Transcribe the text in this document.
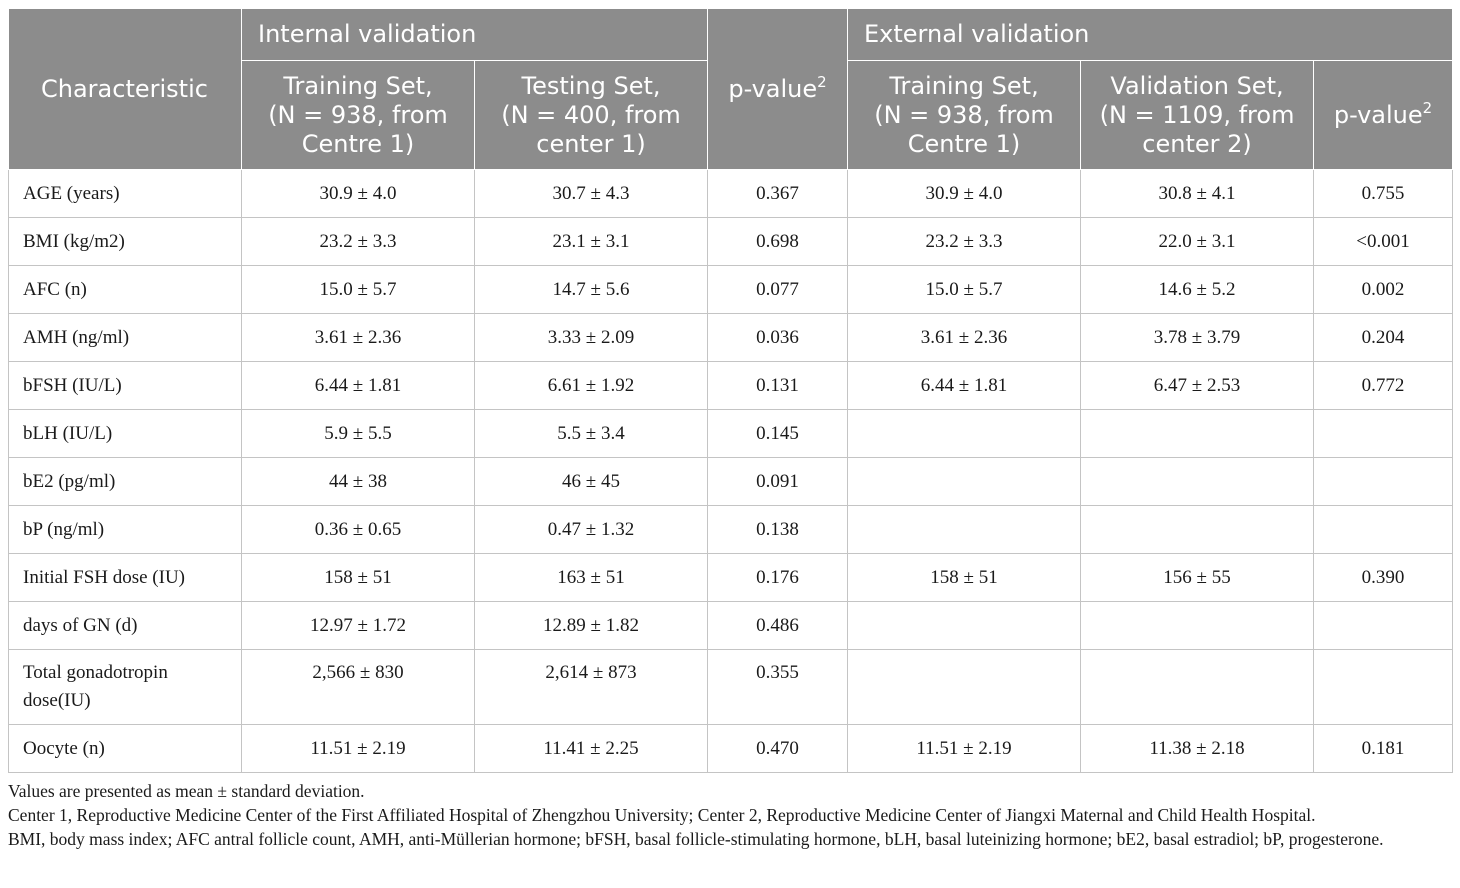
Characteristic	Internal validation		p-value$^2$	External validation		

	Training Set,
(N = 938, from
Centre 1)	Testing Set,
(N = 400, from
center 1)		Training Set,
(N = 938, from
Centre 1)	Validation Set,
(N = 1109, from
center 2)	p-value$^2$
AGE (years)	30.9 ± 4.0	30.7 ± 4.3	0.367	30.9 ± 4.0	30.8 ± 4.1	0.755
BMI (kg/m2)	23.2 ± 3.3	23.1 ± 3.1	0.698	23.2 ± 3.3	22.0 ± 3.1	<0.001
AFC (n)	15.0 ± 5.7	14.7 ± 5.6	0.077	15.0 ± 5.7	14.6 ± 5.2	0.002
AMH (ng/ml)	3.61 ± 2.36	3.33 ± 2.09	0.036	3.61 ± 2.36	3.78 ± 3.79	0.204
bFSH (IU/L)	6.44 ± 1.81	6.61 ± 1.92	0.131	6.44 ± 1.81	6.47 ± 2.53	0.772
bLH (IU/L)	5.9 ± 5.5	5.5 ± 3.4	0.145			
bE2 (pg/ml)	44 ± 38	46 ± 45	0.091			
bP (ng/ml)	0.36 ± 0.65	0.47 ± 1.32	0.138			
Initial FSH dose (IU)	158 ± 51	163 ± 51	0.176	158 ± 51	156 ± 55	0.390
days of GN (d)	12.97 ± 1.72	12.89 ± 1.82	0.486			
Total gonadotropin dose(IU)	2,566 ± 830	2,614 ± 873	0.355			
Oocyte (n)	11.51 ± 2.19	11.41 ± 2.25	0.470	11.51 ± 2.19	11.38 ± 2.18	0.181

Values are presented as mean ± standard deviation.

Center 1, Reproductive Medicine Center of the First Affiliated Hospital of Zhengzhou University; Center 2, Reproductive Medicine Center of Jiangxi Maternal and Child Health Hospital.

BMI, body mass index; AFC antral follicle count, AMH, anti-Müllerian hormone; bFSH, basal follicle-stimulating hormone, bLH, basal luteinizing hormone; bE2, basal estradiol; bP, progesterone.
